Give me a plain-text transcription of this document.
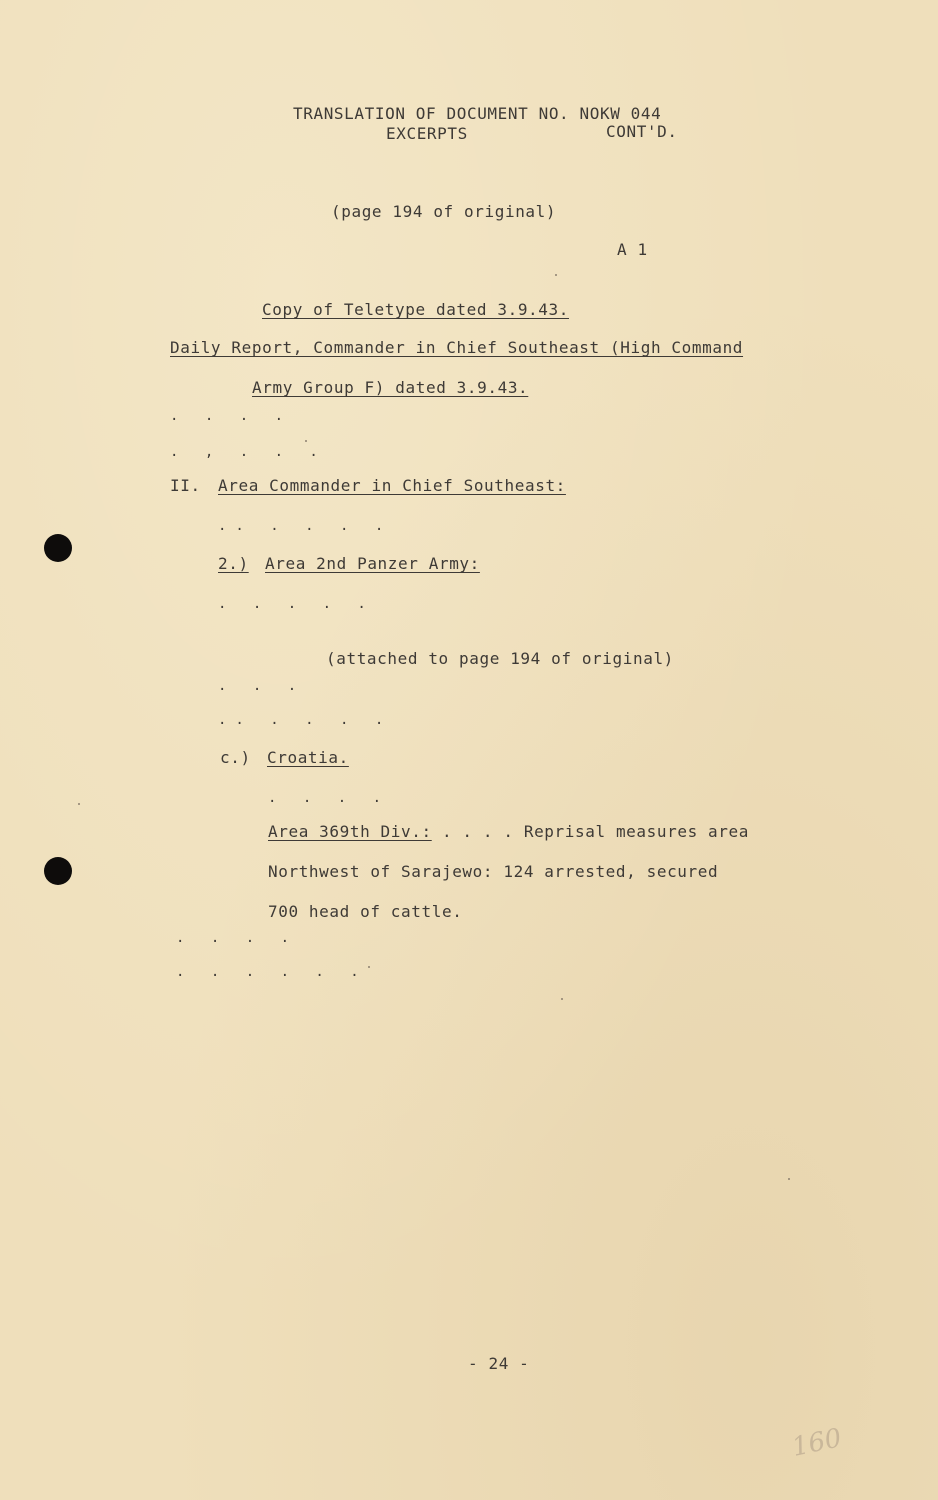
TRANSLATION OF DOCUMENT NO. NOKW 044
EXCERPTS	CONT'D.
(page 194 of original)
A 1
Copy of Teletype dated 3.9.43.
Daily Report, Commander in Chief Southeast (High Command
Army Group F) dated 3.9.43.
. . . .
. , . . .
II. Area Commander in Chief Southeast:
.. . . . .
2.) Area 2nd Panzer Army:
. . . . .
(attached to page 194 of original)
. . .
.. . . . .
c.) Croatia.
. . . .
Area 369th Div.: . . . . Reprisal measures area
Northwest of Sarajewo: 124 arrested, secured
700 head of cattle.
. . . .
. . . . . .
- 24 -
160
